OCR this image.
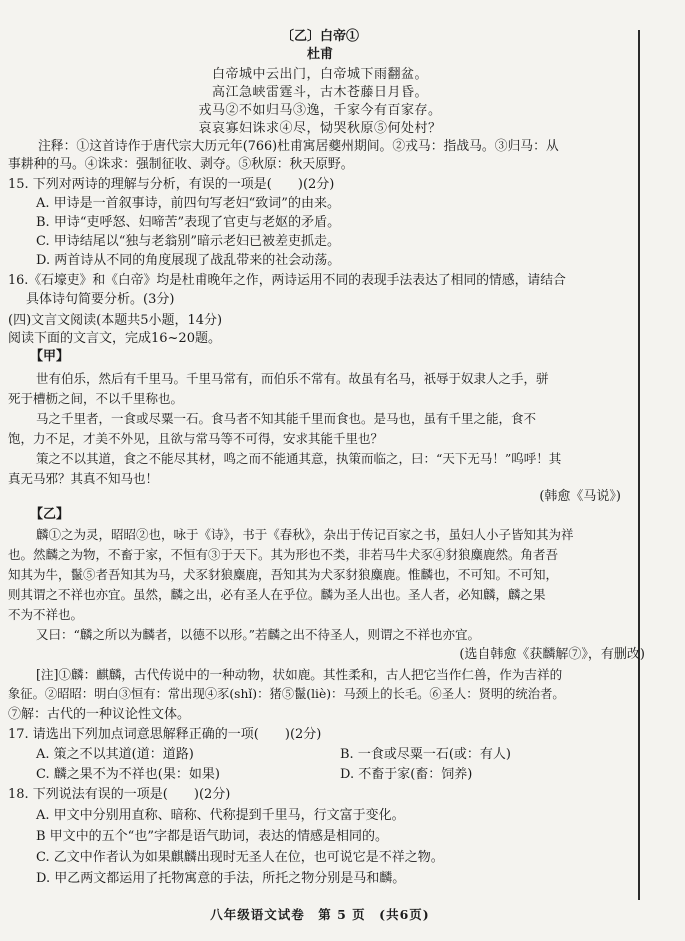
〔乙〕白帝①
杜甫
白帝城中云出门，白帝城下雨翻盆。
高江急峡雷霆斗，古木苍藤日月昏。
戎马②不如归马③逸，千家今有百家存。
哀哀寡妇诛求④尽，恸哭秋原⑤何处村？
注释：①这首诗作于唐代宗大历元年(766)杜甫寓居夔州期间。②戎马：指战马。③归马：从
事耕种的马。④诛求：强制征收、剥夺。⑤秋原：秋天原野。
15. 下列对两诗的理解与分析，有误的一项是(　　)(2分)
A. 甲诗是一首叙事诗，前四句写老妇“致词”的由来。
B. 甲诗“吏呼怒、妇啼苦”表现了官吏与老妪的矛盾。
C. 甲诗结尾以“独与老翁别”暗示老妇已被差吏抓走。
D. 两首诗从不同的角度展现了战乱带来的社会动荡。
16.《石壕吏》和《白帝》均是杜甫晚年之作，两诗运用不同的表现手法表达了相同的情感，请结合
具体诗句简要分析。(3分)
(四)文言文阅读(本题共5小题，14分)
阅读下面的文言文，完成16~20题。
【甲】
世有伯乐，然后有千里马。千里马常有，而伯乐不常有。故虽有名马，祇辱于奴隶人之手，骈
死于槽枥之间，不以千里称也。
马之千里者，一食或尽粟一石。食马者不知其能千里而食也。是马也，虽有千里之能，食不
饱，力不足，才美不外见，且欲与常马等不可得，安求其能千里也？
策之不以其道，食之不能尽其材，鸣之而不能通其意，执策而临之，曰：“天下无马！”呜呼！其
真无马邪？其真不知马也！
(韩愈《马说》)
【乙】
麟①之为灵，昭昭②也，咏于《诗》，书于《春秋》，杂出于传记百家之书，虽妇人小子皆知其为祥
也。然麟之为物，不畜于家，不恒有③于天下。其为形也不类，非若马牛犬豕④豺狼麋鹿然。角者吾
知其为牛，鬣⑤者吾知其为马，犬豕豺狼麋鹿，吾知其为犬豕豺狼麋鹿。惟麟也，不可知。不可知，
则其谓之不祥也亦宜。虽然，麟之出，必有圣人在乎位。麟为圣人出也。圣人者，必知麟，麟之果
不为不祥也。
又曰：“麟之所以为麟者，以德不以形。”若麟之出不待圣人，则谓之不祥也亦宜。
(选自韩愈《获麟解⑦》，有删改)
[注]①麟：麒麟，古代传说中的一种动物，状如鹿。其性柔和，古人把它当作仁兽，作为吉祥的
象征。②昭昭：明白③恒有：常出现④豕(shǐ)：猪⑤鬣(liè)：马颈上的长毛。⑥圣人：贤明的统治者。
⑦解：古代的一种议论性文体。
17. 请选出下列加点词意思解释正确的一项(　　)(2分)
A. 策之不以其道(道：道路)	B. 一食或尽粟一石(或：有人)
C. 麟之果不为不祥也(果：如果)	D. 不畜于家(畜：饲养)
18. 下列说法有误的一项是(　　)(2分)
A. 甲文中分别用直称、暗称、代称提到千里马，行文富于变化。
B 甲文中的五个“也”字都是语气助词，表达的情感是相同的。
C. 乙文中作者认为如果麒麟出现时无圣人在位，也可说它是不祥之物。
D. 甲乙两文都运用了托物寓意的手法，所托之物分别是马和麟。
八年级语文试卷　第 5 页　(共6页)
